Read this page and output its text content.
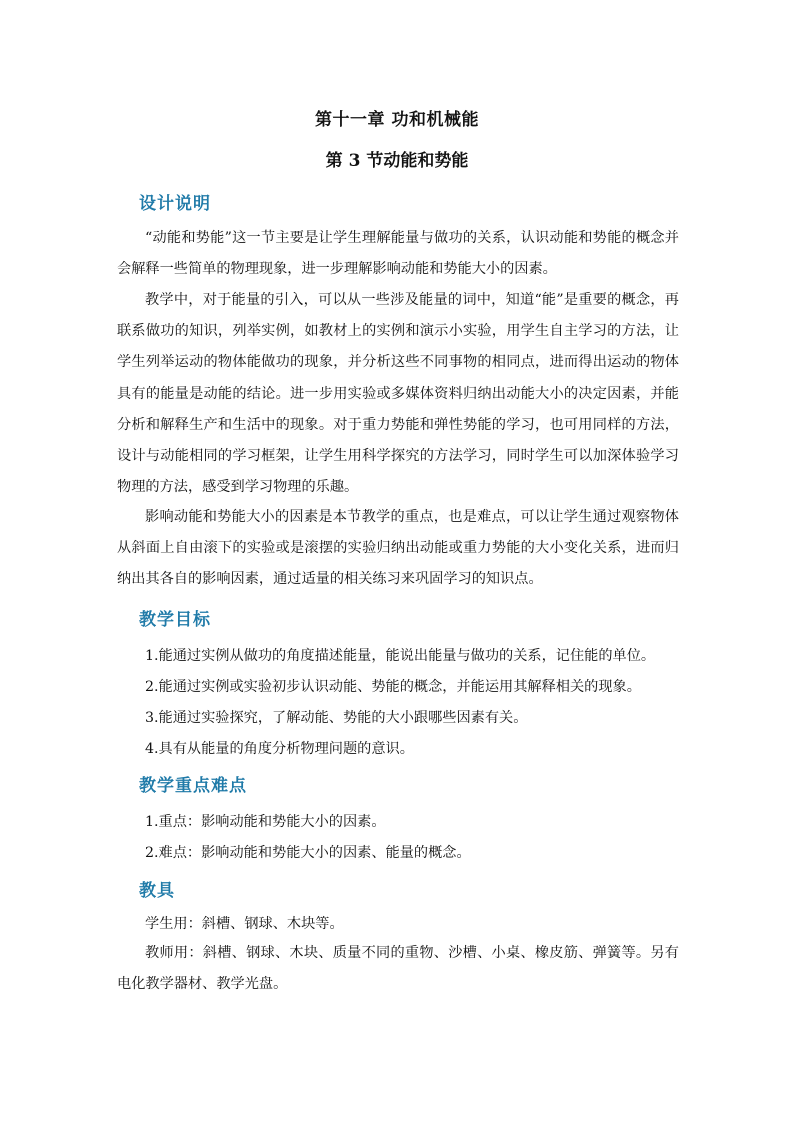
第十一章 功和机械能
第 3 节动能和势能
设计说明

“动能和势能”这一节主要是让学生理解能量与做功的关系，认识动能和势能的概念并会解释一些简单的物理现象，进一步理解影响动能和势能大小的因素。

教学中，对于能量的引入，可以从一些涉及能量的词中，知道“能”是重要的概念，再联系做功的知识，列举实例，如教材上的实例和演示小实验，用学生自主学习的方法，让学生列举运动的物体能做功的现象，并分析这些不同事物的相同点，进而得出运动的物体具有的能量是动能的结论。进一步用实验或多媒体资料归纳出动能大小的决定因素，并能分析和解释生产和生活中的现象。对于重力势能和弹性势能的学习，也可用同样的方法，设计与动能相同的学习框架，让学生用科学探究的方法学习，同时学生可以加深体验学习物理的方法，感受到学习物理的乐趣。

影响动能和势能大小的因素是本节教学的重点，也是难点，可以让学生通过观察物体从斜面上自由滚下的实验或是滚摆的实验归纳出动能或重力势能的大小变化关系，进而归纳出其各自的影响因素，通过适量的相关练习来巩固学习的知识点。

教学目标

1.能通过实例从做功的角度描述能量，能说出能量与做功的关系，记住能的单位。

2.能通过实例或实验初步认识动能、势能的概念，并能运用其解释相关的现象。

3.能通过实验探究，了解动能、势能的大小跟哪些因素有关。

4.具有从能量的角度分析物理问题的意识。

教学重点难点

1.重点：影响动能和势能大小的因素。

2.难点：影响动能和势能大小的因素、能量的概念。

教具

学生用：斜槽、钢球、木块等。

教师用：斜槽、钢球、木块、质量不同的重物、沙槽、小桌、橡皮筋、弹簧等。另有电化教学器材、教学光盘。
